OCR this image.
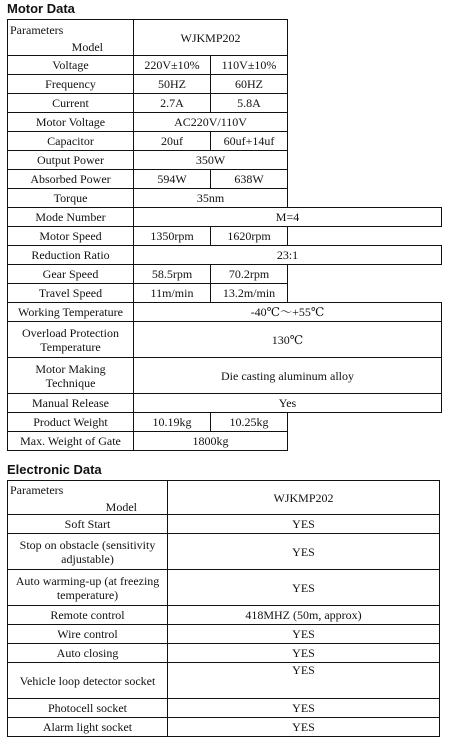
Motor Data
Model
Parameters	WJKMP202		
Voltage	220V±10%	110V±10%	
Frequency	50HZ	60HZ	
Current	2.7A	5.8A	
Motor Voltage	AC220V/110V		
Capacitor	20uf	60uf+14uf	
Output Power	350W		
Absorbed Power	594W	638W	
Torque	35nm		
Mode Number	M=4		
Motor Speed	1350rpm	1620rpm	
Reduction Ratio	23:1		
Gear Speed	58.5rpm	70.2rpm	
Travel Speed	11m/min	13.2m/min	
Working Temperature	-40℃～+55℃		
Overload Protection Temperature	130℃		
Motor Making Technique	Die casting aluminum alloy		
Manual Release	Yes		
Product Weight	10.19kg	10.25kg	
Max. Weight of Gate	1800kg		
Electronic Data
Model
Parameters	WJKMP202
Soft Start	YES
Stop on obstacle (sensitivity adjustable)	YES
Auto warming-up (at freezing temperature)	YES
Remote control	418MHZ (50m, approx)
Wire control	YES
Auto closing	YES
Vehicle loop detector socket	YES
Photocell socket	YES
Alarm light socket	YES
